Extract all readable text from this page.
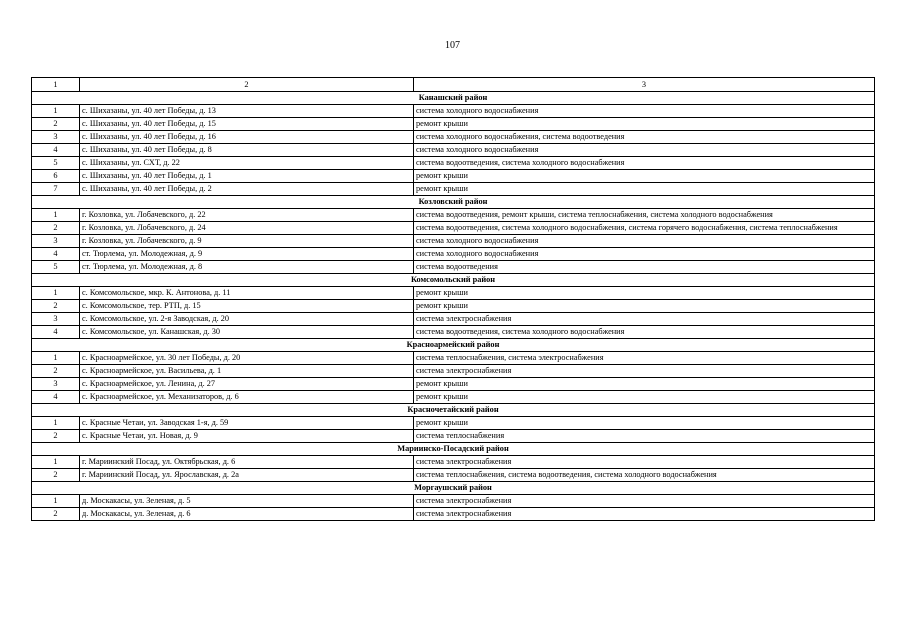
107
1	2	3
Канашский район		
1	с. Шихазаны, ул. 40 лет Победы, д. 13	система холодного водоснабжения
2	с. Шихазаны, ул. 40 лет Победы, д. 15	ремонт крыши
3	с. Шихазаны, ул. 40 лет Победы, д. 16	система холодного водоснабжения, система водоотведения
4	с. Шихазаны, ул. 40 лет Победы, д. 8	система холодного водоснабжения
5	с. Шихазаны, ул. СХТ, д. 22	система водоотведения, система холодного водоснабжения
6	с. Шихазаны, ул. 40 лет Победы, д. 1	ремонт крыши
7	с. Шихазаны, ул. 40 лет Победы, д. 2	ремонт крыши
Козловский район		
1	г. Козловка, ул. Лобачевского, д. 22	система водоотведения, ремонт крыши, система теплоснабжения, система холодного водоснабжения
2	г. Козловка, ул. Лобачевского, д. 24	система водоотведения, система холодного водоснабжения, система горячего водоснабжения, система теплоснабжения
3	г. Козловка, ул. Лобачевского, д. 9	система холодного водоснабжения
4	ст. Тюрлема, ул. Молодежная, д. 9	система холодного водоснабжения
5	ст. Тюрлема, ул. Молодежная, д. 8	система водоотведения
Комсомольский район		
1	с. Комсомольское, мкр. К. Антонова, д. 11	ремонт крыши
2	с. Комсомольское, тер. РТП, д. 15	ремонт крыши
3	с. Комсомольское, ул. 2-я Заводская, д. 20	система электроснабжения
4	с. Комсомольское, ул. Канашская, д. 30	система водоотведения, система холодного водоснабжения
Красноармейский район		
1	с. Красноармейское, ул. 30 лет Победы, д. 20	система теплоснабжения, система электроснабжения
2	с. Красноармейское, ул. Васильева, д. 1	система электроснабжения
3	с. Красноармейское, ул. Ленина, д. 27	ремонт крыши
4	с. Красноармейское, ул. Механизаторов, д. 6	ремонт крыши
Красночетайский район		
1	с. Красные Четаи, ул. Заводская 1-я, д. 59	ремонт крыши
2	с. Красные Четаи, ул. Новая, д. 9	система теплоснабжения
Мариинско-Посадский район		
1	г. Мариинский Посад, ул. Октябрьская, д. 6	система электроснабжения
2	г. Мариинский Посад, ул. Ярославская, д. 2а	система теплоснабжения, система водоотведения, система холодного водоснабжения
Моргаушский район		
1	д. Москакасы, ул. Зеленая, д. 5	система электроснабжения
2	д. Москакасы, ул. Зеленая, д. 6	система электроснабжения
